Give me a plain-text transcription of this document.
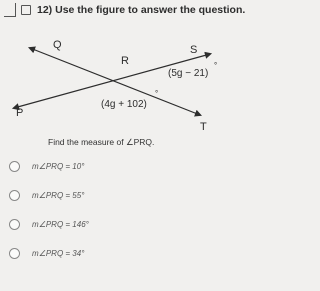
12) Use the figure to answer the question.
Q	S
R
P
T
(5g − 21)
°
(4g + 102)
°
Find the measure of ∠PRQ.
m∠PRQ = 10°
m∠PRQ = 55°
m∠PRQ = 146°
m∠PRQ = 34°
